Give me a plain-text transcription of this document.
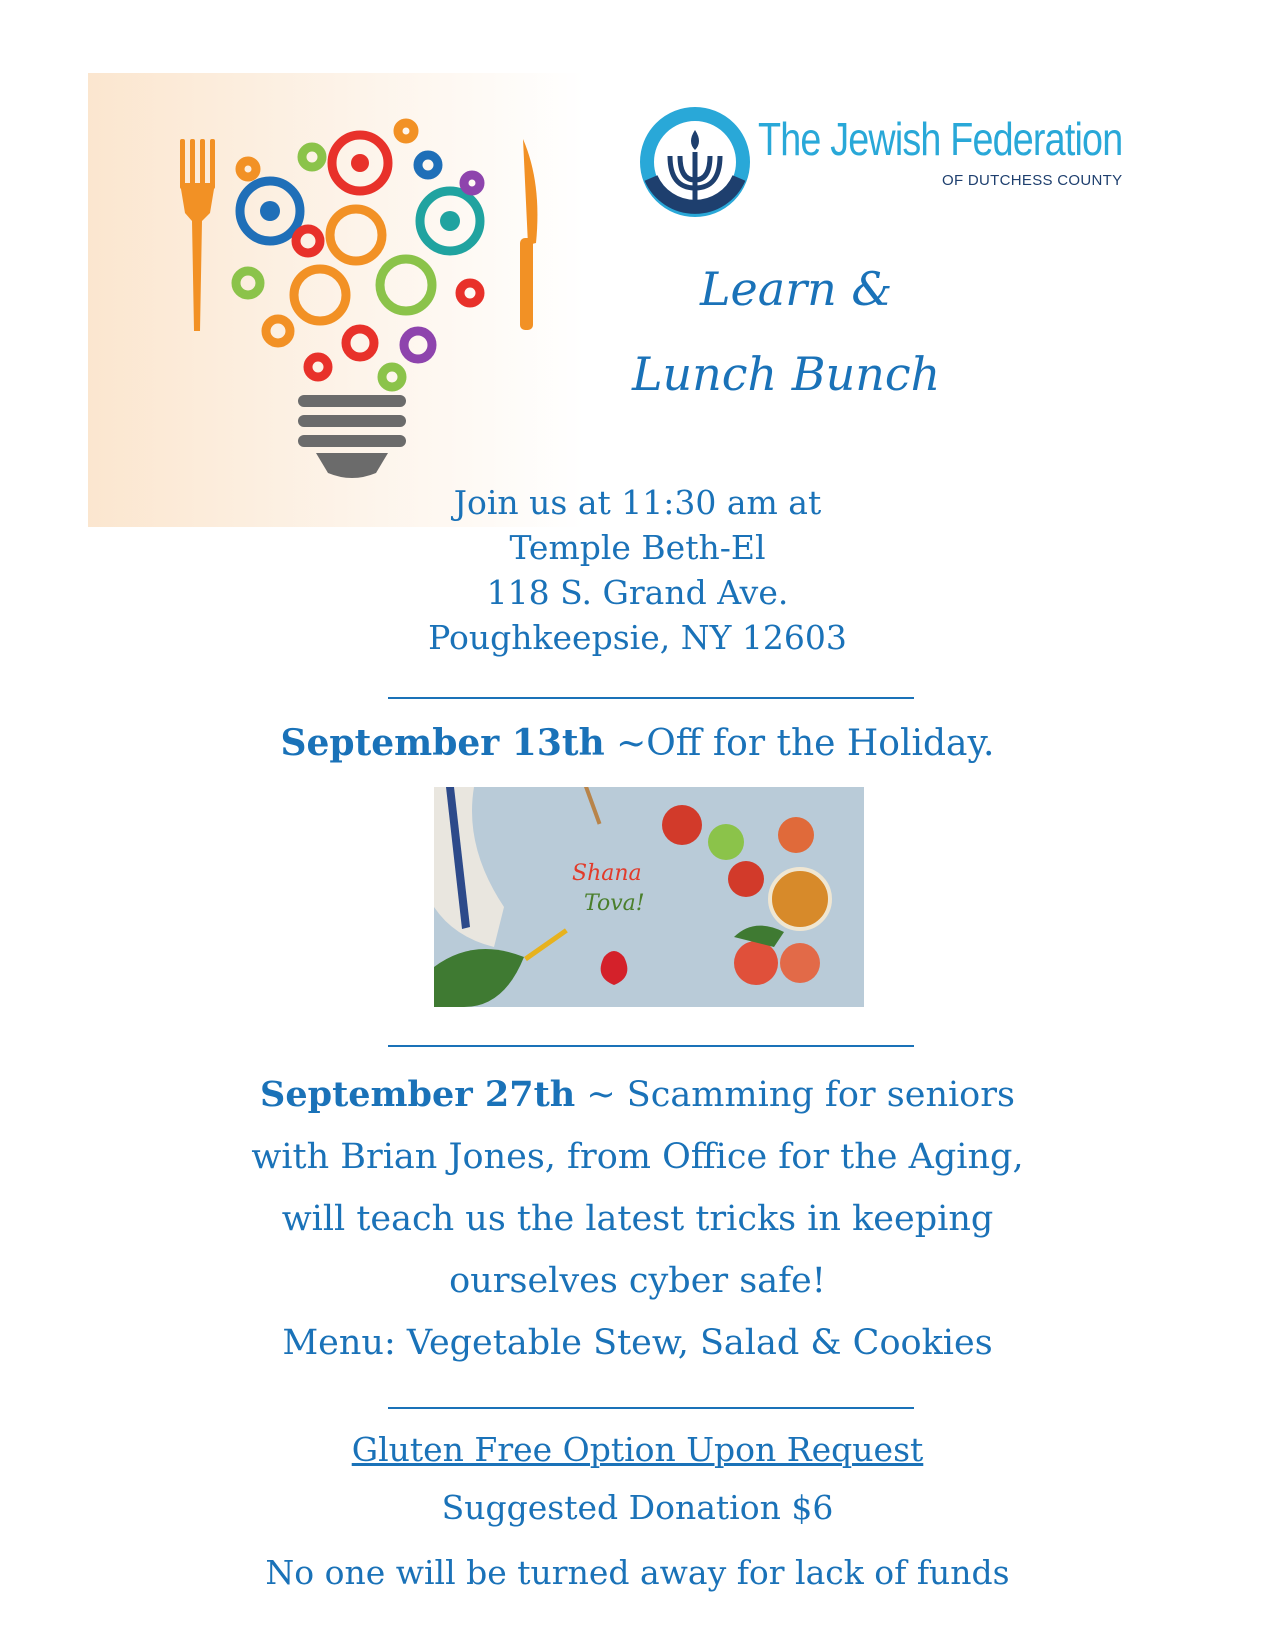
The Jewish Federation
OF DUTCHESS COUNTY
Learn &
Lunch Bunch
Join us at 11:30 am at
Temple Beth-El
118 S. Grand Ave.
Poughkeepsie, NY 12603
September 13th ~Off for the Holiday.
Shana
Tova!
September 27th ~ Scamming for seniors
with Brian Jones, from Office for the Aging,
will teach us the latest tricks in keeping
ourselves cyber safe!
Menu: Vegetable Stew, Salad & Cookies
Gluten Free Option Upon Request
Suggested Donation $6
No one will be turned away for lack of funds
